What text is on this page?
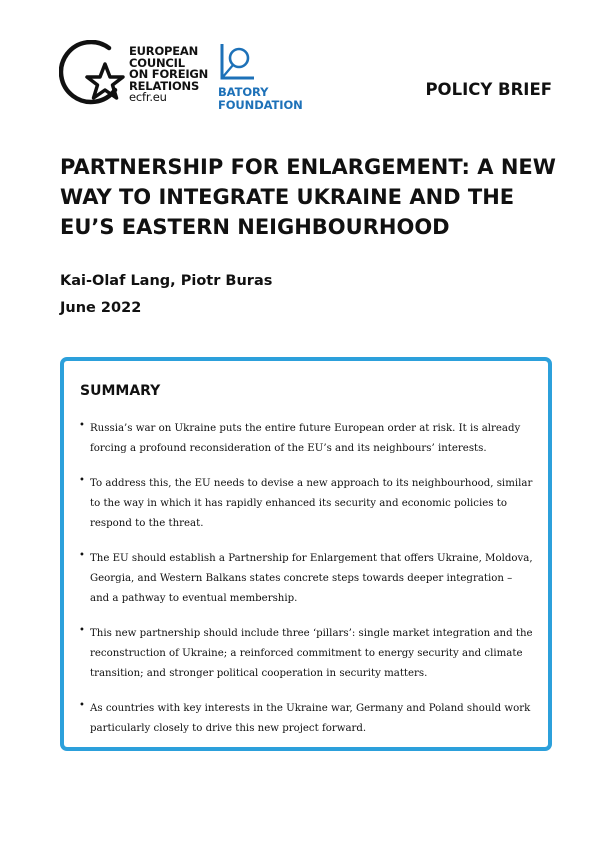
EUROPEAN
COUNCIL
ON FOREIGN
RELATIONS
ecfr.eu	BATORY
FOUNDATION
POLICY BRIEF
PARTNERSHIP FOR ENLARGEMENT: A NEW WAY TO INTEGRATE UKRAINE AND THE EU’S EASTERN NEIGHBOURHOOD
Kai-Olaf Lang, Piotr Buras
June 2022
SUMMARY
• Russia’s war on Ukraine puts the entire future European order at risk. It is already forcing a profound reconsideration of the EU’s and its neighbours’ interests.
• To address this, the EU needs to devise a new approach to its neighbourhood, similar to the way in which it has rapidly enhanced its security and economic policies to respond to the threat.
• The EU should establish a Partnership for Enlargement that offers Ukraine, Moldova, Georgia, and Western Balkans states concrete steps towards deeper integration – and a pathway to eventual membership.
• This new partnership should include three ‘pillars’: single market integration and the reconstruction of Ukraine; a reinforced commitment to energy security and climate transition; and stronger political cooperation in security matters.
• As countries with key interests in the Ukraine war, Germany and Poland should work particularly closely to drive this new project forward.
